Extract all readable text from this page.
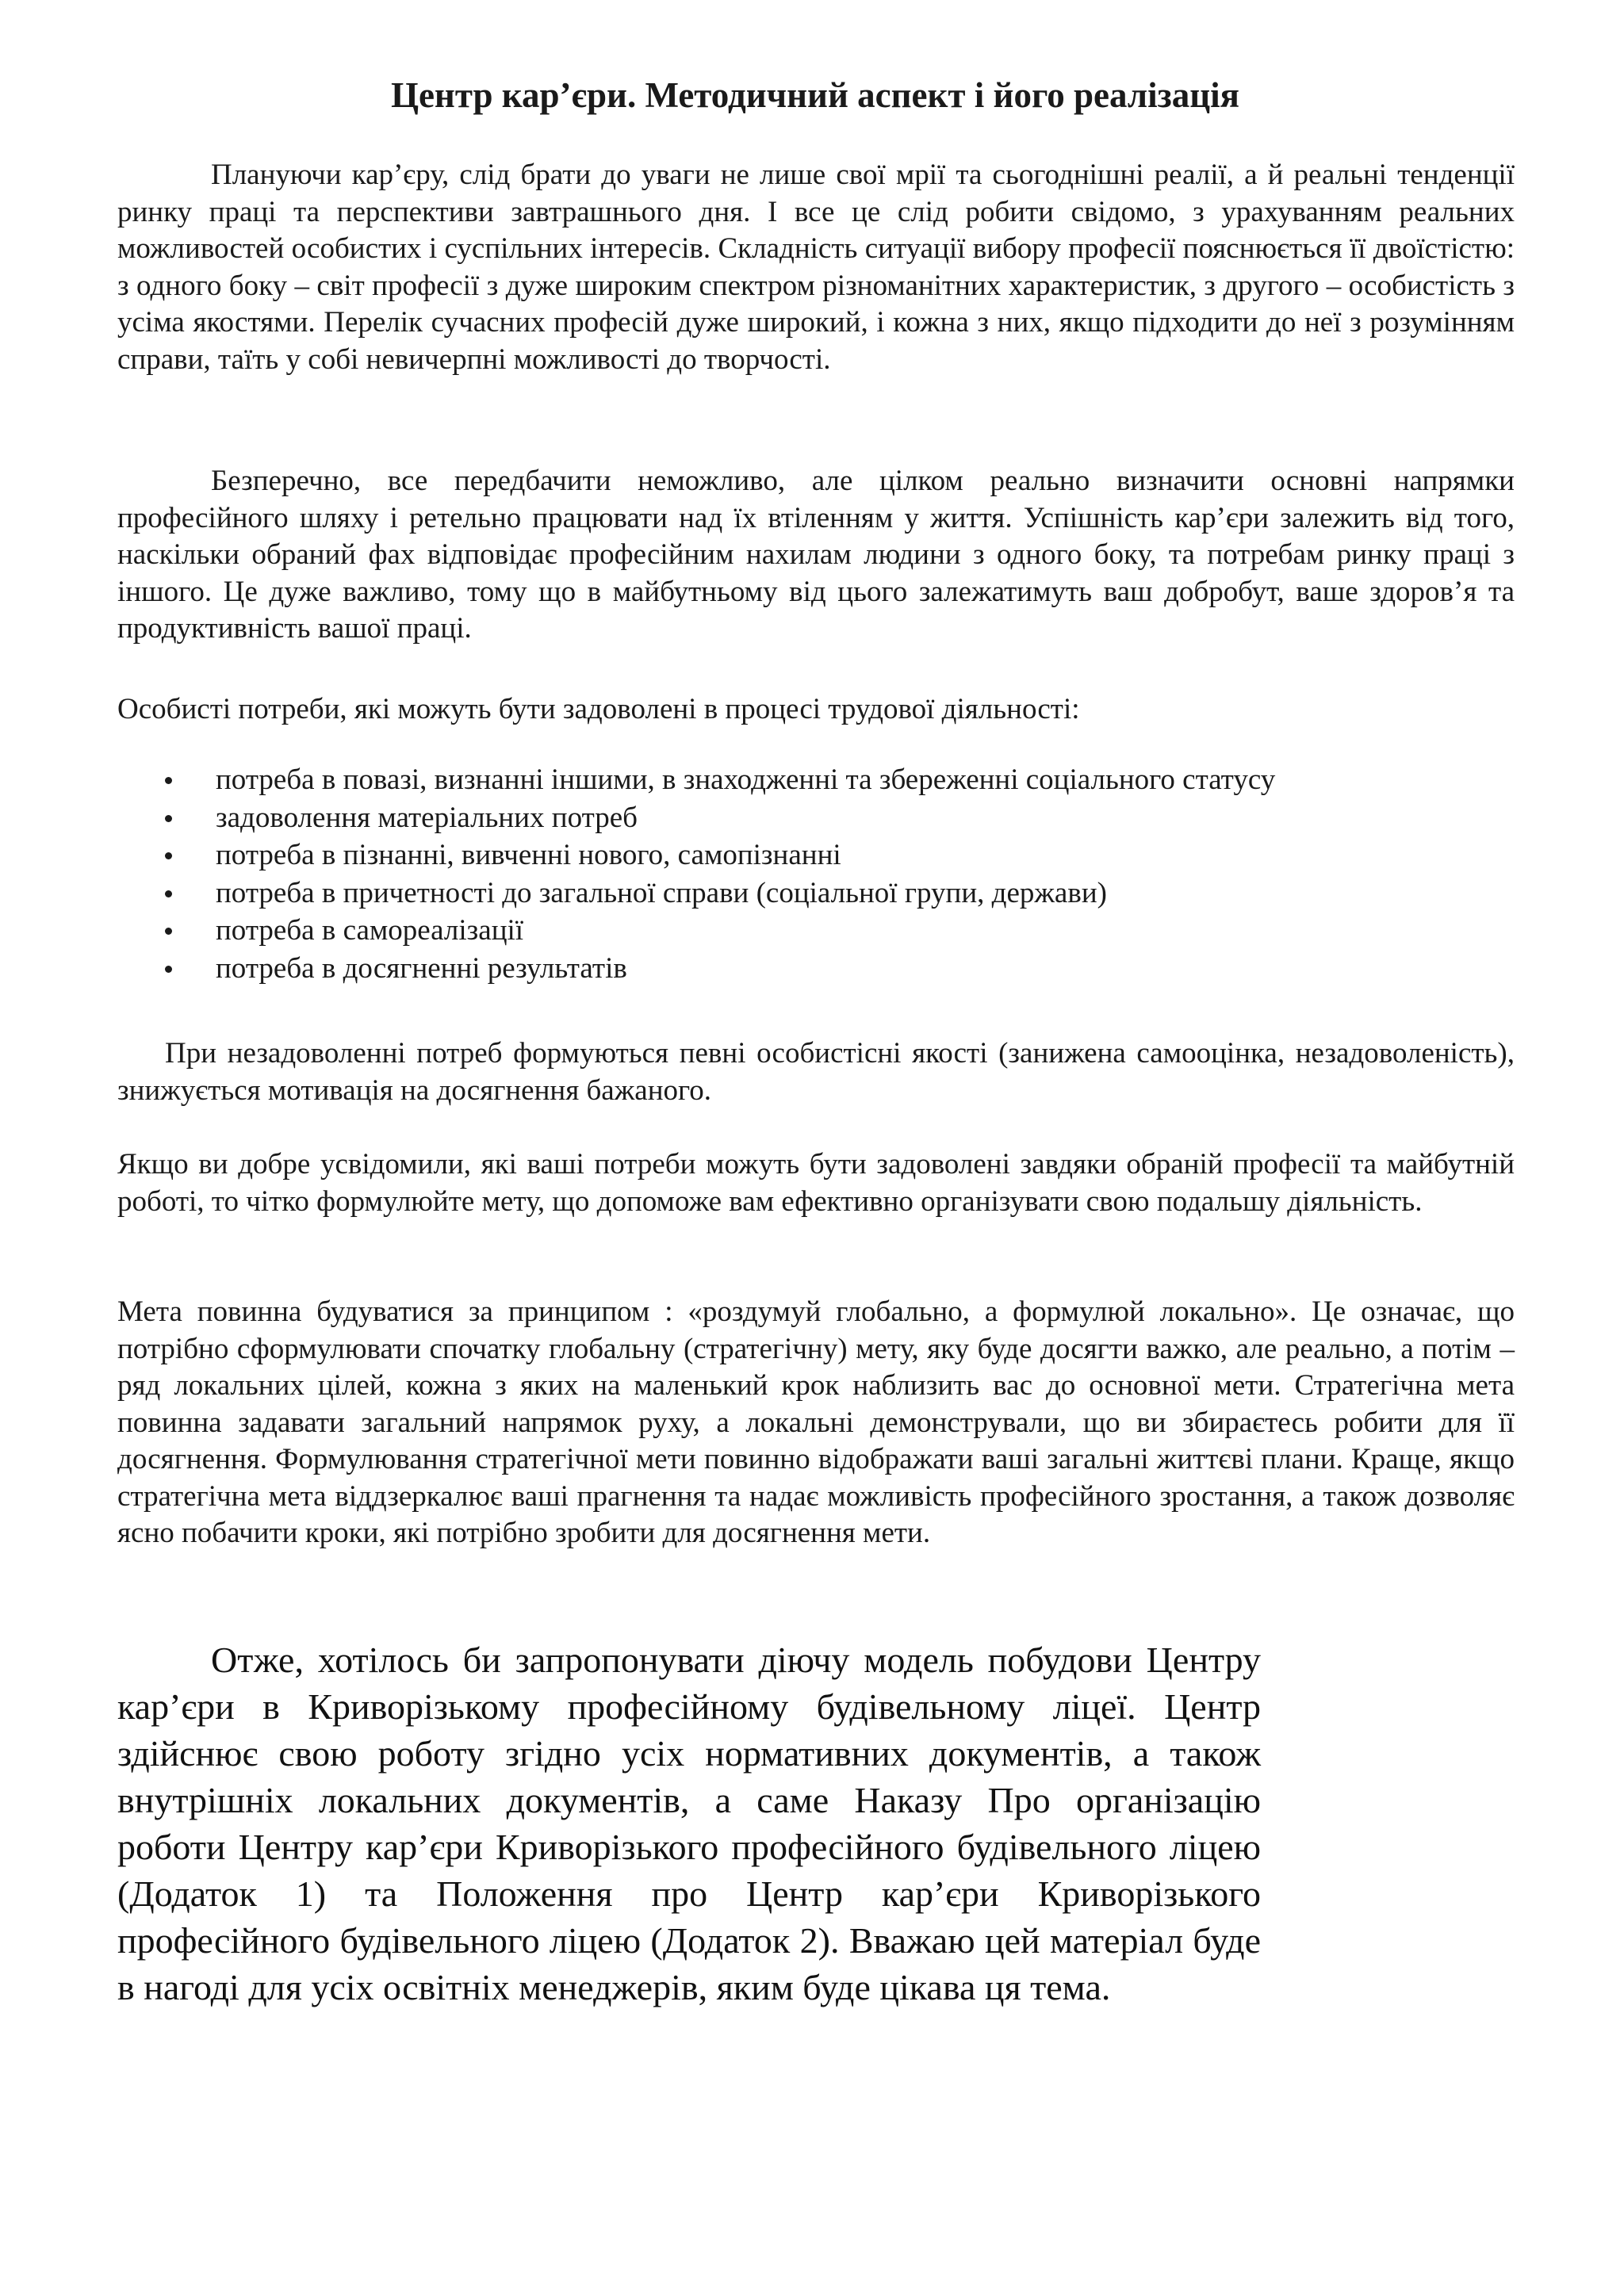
Центр кар’єри. Методичний аспект і його реалізація

Плануючи кар’єру, слід брати до уваги не лише свої мрії та сьогоднішні реалії, а й реальні тенденції ринку праці та перспективи завтрашнього дня. І все це слід робити свідомо, з урахуванням реальних можливостей особистих і суспільних інтересів. Складність ситуації вибору професії пояснюється її двоїстістю: з одного боку – світ професії з дуже широким спектром різноманітних характеристик, з другого – особистість з усіма якостями. Перелік сучасних професій дуже широкий, і кожна з них, якщо підходити до неї з розумінням справи, таїть у собі невичерпні можливості до творчості.

Безперечно, все передбачити неможливо, але цілком реально визначити основні напрямки професійного шляху і ретельно працювати над їх втіленням у життя. Успішність кар’єри залежить від того, наскільки обраний фах відповідає професійним нахилам людини з одного боку, та потребам ринку праці з іншого. Це дуже важливо, тому що в майбутньому від цього залежатимуть ваш добробут, ваше здоров’я та продуктивність вашої праці.

Особисті потреби, які можуть бути задоволені в процесі трудової діяльності:

потреба в повазі, визнанні іншими, в знаходженні та збереженні соціального статусу
задоволення матеріальних потреб
потреба в пізнанні, вивченні нового, самопізнанні
потреба в причетності до загальної справи (соціальної групи, держави)
потреба в самореалізації
потреба в досягненні результатів

При незадоволенні потреб формуються певні особистісні якості (занижена самооцінка, незадоволеність), знижується мотивація на досягнення бажаного.

Якщо ви добре усвідомили, які ваші потреби можуть бути задоволені завдяки обраній професії та майбутній роботі, то чітко формулюйте мету, що допоможе вам ефективно організувати свою подальшу діяльність.

Мета повинна будуватися за принципом : «роздумуй глобально, а формулюй локально». Це означає, що потрібно сформулювати спочатку глобальну (стратегічну) мету, яку буде досягти важко, але реально, а потім – ряд локальних цілей, кожна з яких на маленький крок наблизить вас до основної мети. Стратегічна мета повинна задавати загальний напрямок руху, а локальні демонстрували, що ви збираєтесь робити для її досягнення. Формулювання стратегічної мети повинно відображати ваші загальні життєві плани. Краще, якщо стратегічна мета віддзеркалює ваші прагнення та надає можливість професійного зростання, а також дозволяє ясно побачити кроки, які потрібно зробити для досягнення мети.

Отже, хотілось би запропонувати діючу модель побудови Центру кар’єри в Криворізькому професійному будівельному ліцеї. Центр здійснює свою роботу згідно усіх нормативних документів, а також внутрішніх локальних документів, а саме Наказу Про організацію роботи Центру кар’єри Криворізького професійного будівельного ліцею (Додаток 1) та Положення про Центр кар’єри Криворізького професійного будівельного ліцею (Додаток 2). Вважаю цей матеріал буде в нагоді для усіх освітніх менеджерів, яким буде цікава ця тема.
